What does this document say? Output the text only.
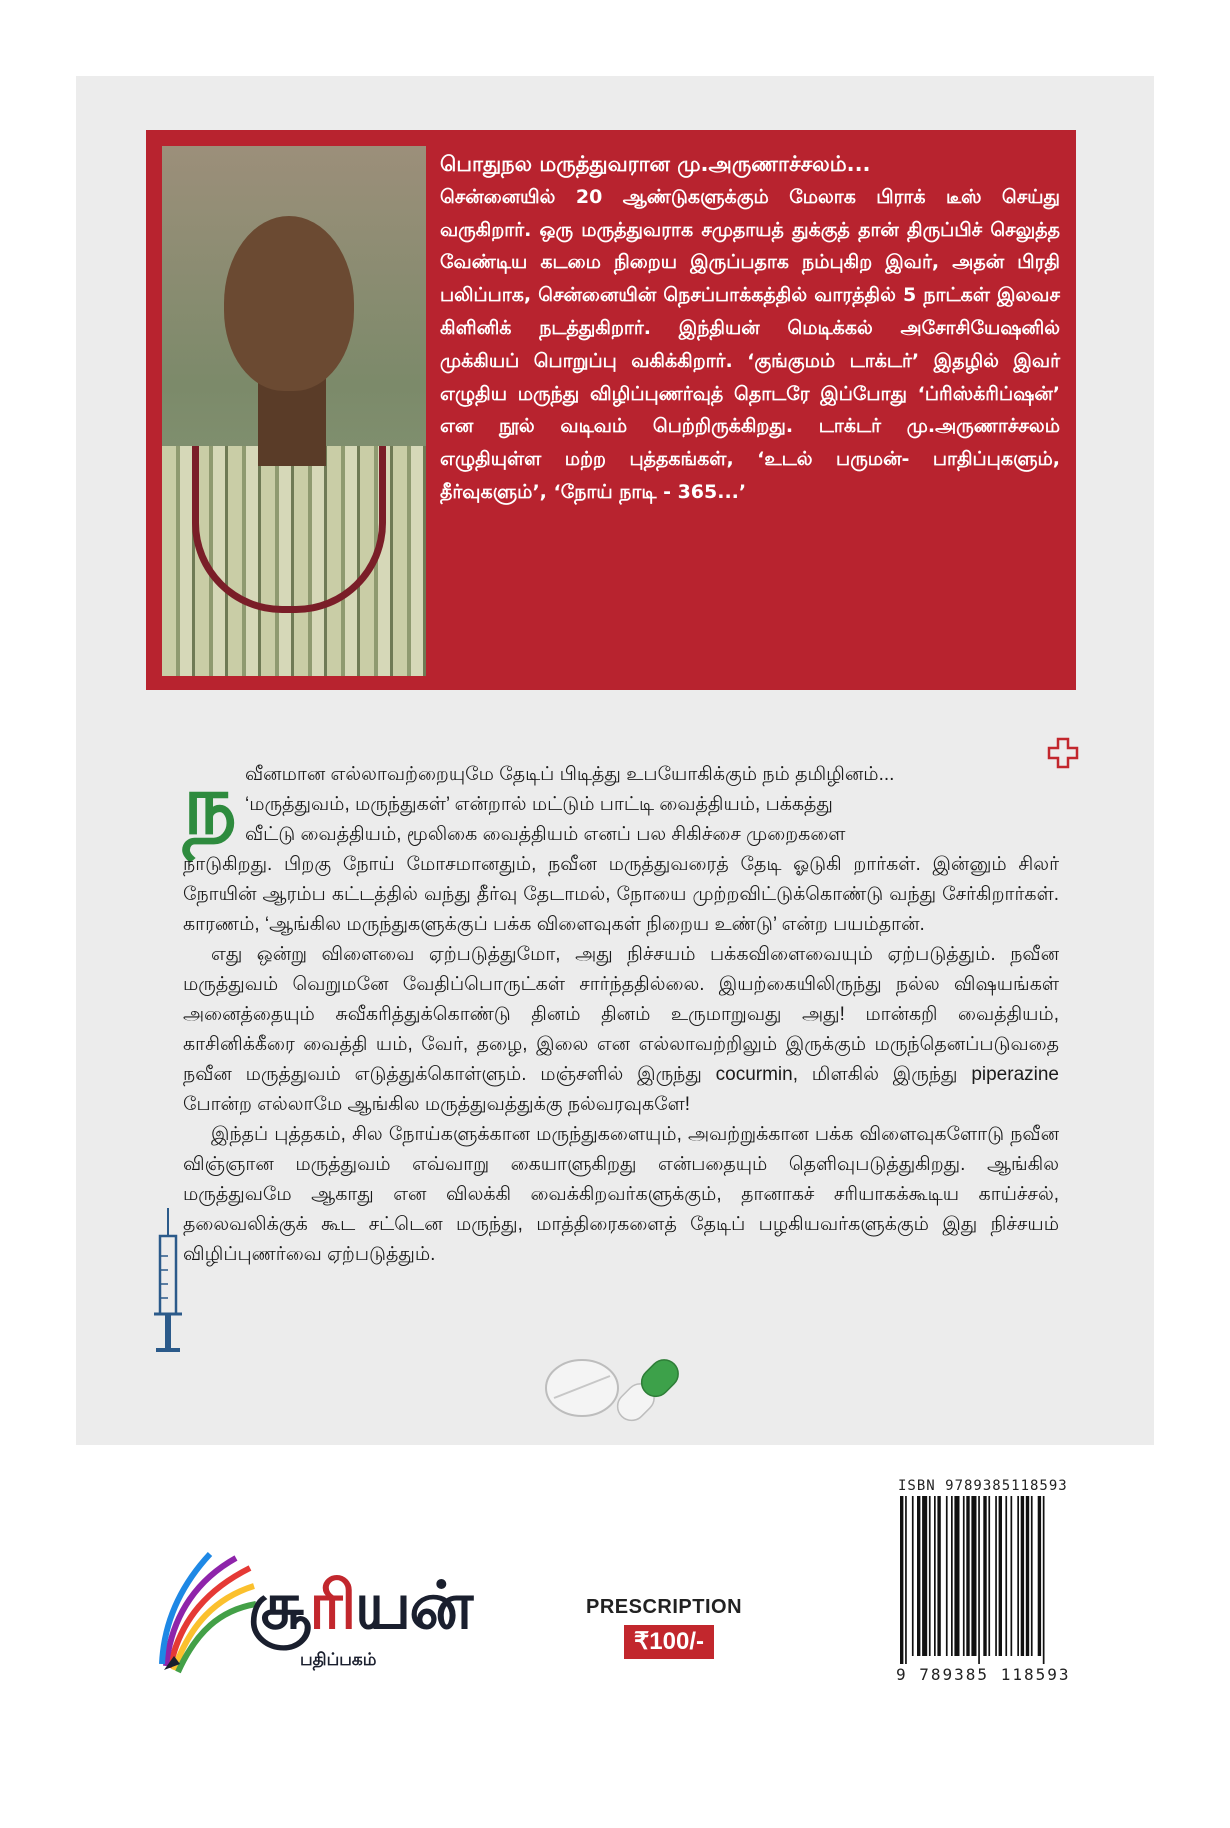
பொதுநல மருத்துவரான மு.அருணாச்சலம்...
சென்னையில் 20 ஆண்டுகளுக்கும் மேலாக பிராக் டீஸ் செய்து வருகிறார். ஒரு மருத்துவராக சமுதாயத் துக்குத் தான் திருப்பிச் செலுத்த வேண்டிய கடமை நிறைய இருப்பதாக நம்புகிற இவர், அதன் பிரதி பலிப்பாக, சென்னையின் நெசப்பாக்கத்தில் வாரத்தில் 5 நாட்கள் இலவச கிளினிக் நடத்துகிறார். இந்தியன் மெடிக்கல் அசோசியேஷனில் முக்கியப் பொறுப்பு வகிக்கிறார். ‘குங்குமம் டாக்டர்’ இதழில் இவர் எழுதிய மருந்து விழிப்புணர்வுத் தொடரே இப்போது ‘ப்ரிஸ்க்ரிப்ஷன்’ என நூல் வடிவம் பெற்றிருக்கிறது. டாக்டர் மு.அருணாச்சலம் எழுதியுள்ள மற்ற புத்தகங்கள், ‘உடல் பருமன்- பாதிப்புகளும், தீர்வுகளும்’, ‘நோய் நாடி - 365...’
ந வீனமான எல்லாவற்றையுமே தேடிப் பிடித்து உபயோகிக்கும் நம் தமிழினம்...
‘மருத்துவம், மருந்துகள்’ என்றால் மட்டும் பாட்டி வைத்தியம், பக்கத்து
வீட்டு வைத்தியம், மூலிகை வைத்தியம் எனப் பல சிகிச்சை முறைகளை
நாடுகிறது. பிறகு நோய் மோசமானதும், நவீன மருத்துவரைத் தேடி ஓடுகி றார்கள். இன்னும் சிலர் நோயின் ஆரம்ப கட்டத்தில் வந்து தீர்வு தேடாமல், நோயை முற்றவிட்டுக்கொண்டு வந்து சேர்கிறார்கள். காரணம், ‘ஆங்கில மருந்துகளுக்குப் பக்க விளைவுகள் நிறைய உண்டு’ என்ற பயம்தான்.

எது ஒன்று விளைவை ஏற்படுத்துமோ, அது நிச்சயம் பக்கவிளைவையும் ஏற்படுத்தும். நவீன மருத்துவம் வெறுமனே வேதிப்பொருட்கள் சார்ந்ததில்லை. இயற்கையிலிருந்து நல்ல விஷயங்கள் அனைத்தையும் சுவீகரித்துக்கொண்டு தினம் தினம் உருமாறுவது அது! மான்கறி வைத்தியம், காசினிக்கீரை வைத்தி யம், வேர், தழை, இலை என எல்லாவற்றிலும் இருக்கும் மருந்தெனப்படுவதை நவீன மருத்துவம் எடுத்துக்கொள்ளும். மஞ்சளில் இருந்து cocurmin, மிளகில் இருந்து piperazine போன்ற எல்லாமே ஆங்கில மருத்துவத்துக்கு நல்வரவுகளே!

இந்தப் புத்தகம், சில நோய்களுக்கான மருந்துகளையும், அவற்றுக்கான பக்க விளைவுகளோடு நவீன விஞ்ஞான மருத்துவம் எவ்வாறு கையாளுகிறது என்பதையும் தெளிவுபடுத்துகிறது. ஆங்கில மருத்துவமே ஆகாது என விலக்கி வைக்கிறவர்களுக்கும், தானாகச் சரியாகக்கூடிய காய்ச்சல், தலைவலிக்குக் கூட சட்டென மருந்து, மாத்திரைகளைத் தேடிப் பழகியவர்களுக்கும் இது நிச்சயம் விழிப்புணர்வை ஏற்படுத்தும்.

ISBN 9789385118593
9 789385 118593
சூரியன்
பதிப்பகம்
PRESCRIPTION
₹100/-
